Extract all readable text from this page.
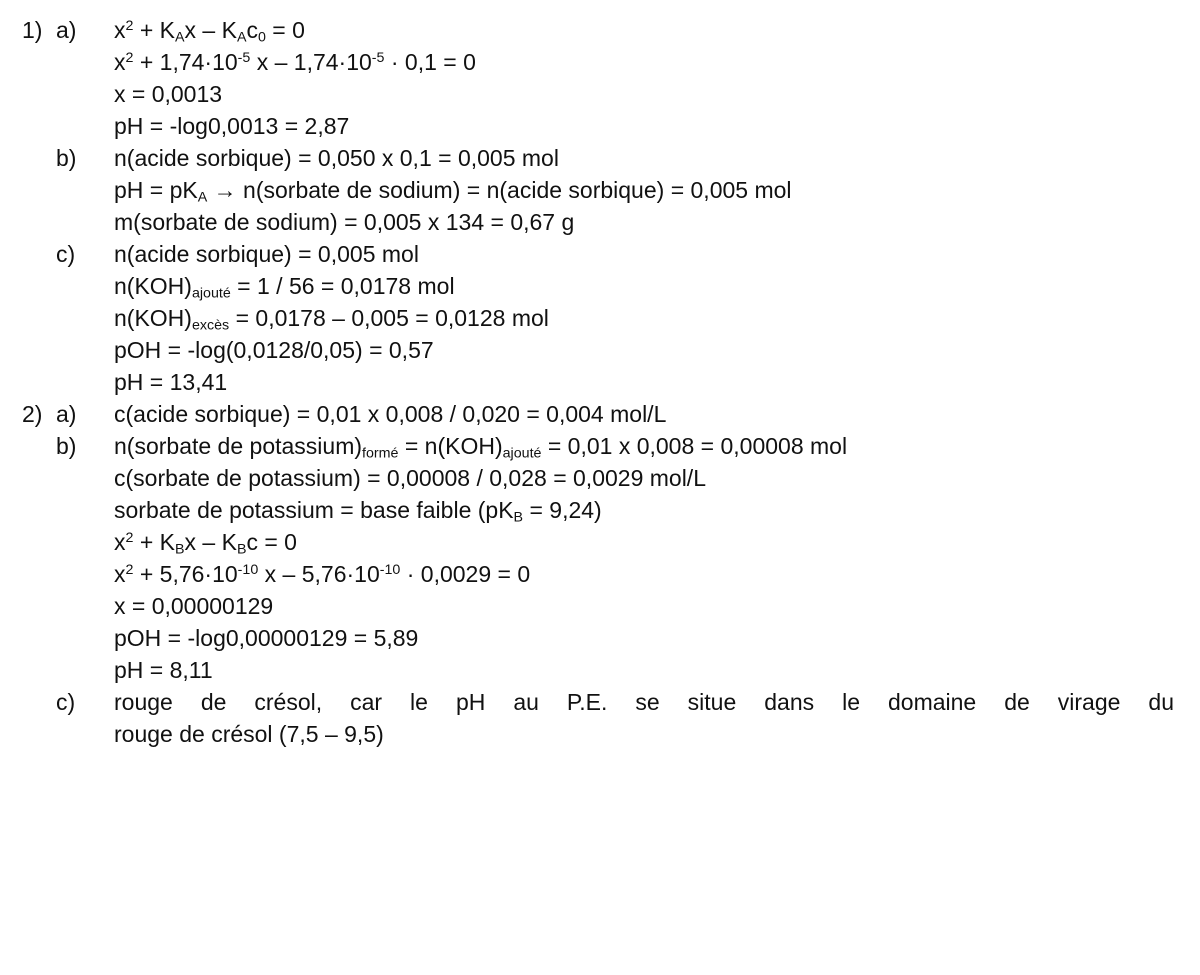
1) a) $x^2 + K_Ax - K_Ac_0 = 0$
$x^2 + 1,74\cdot 10^{-5}$ $x - 1,74\cdot 10^{-5} \cdot 0,1 = 0$
x = 0,0013
pH = -log0,0013 = 2,87
b) n(acide sorbique) = 0,050 x 0,1 = 0,005 mol
pH = $pK_A$ → n(sorbate de sodium) = n(acide sorbique) = 0,005 mol
m(sorbate de sodium) = 0,005 x 134 = 0,67 g
c) n(acide sorbique) = 0,005 mol
$n(KOH)_{ajouté} = 1 / 56 = 0,0178$ mol
$n(KOH)_{excès} = 0,0178 - 0,005 = 0,0128$ mol
pOH = -log(0,0128/0,05) = 0,57
pH = 13,41
2) a) c(acide sorbique) = 0,01 x 0,008 / 0,020 = 0,004 mol/L
b) n(sorbate de $potassium)_{formé} = n(KOH)_{ajouté} = 0,01$ x 0,008 = 0,00008 mol
c(sorbate de potassium) = 0,00008 / 0,028 = 0,0029 mol/L
sorbate de potassium = base faible $(pK_B = 9,24)$
$x^2 + K_Bx - K_Bc = 0$
$x^2 + 5,76\cdot 10^{-10}$ $x - 5,76\cdot 10^{-10} \cdot 0,0029 = 0$
x = 0,00000129
pOH = -log0,00000129 = 5,89
pH = 8,11
c) rouge de crésol, car le pH au P.E. se situe dans le domaine de virage du
rouge de crésol (7,5 – 9,5)
